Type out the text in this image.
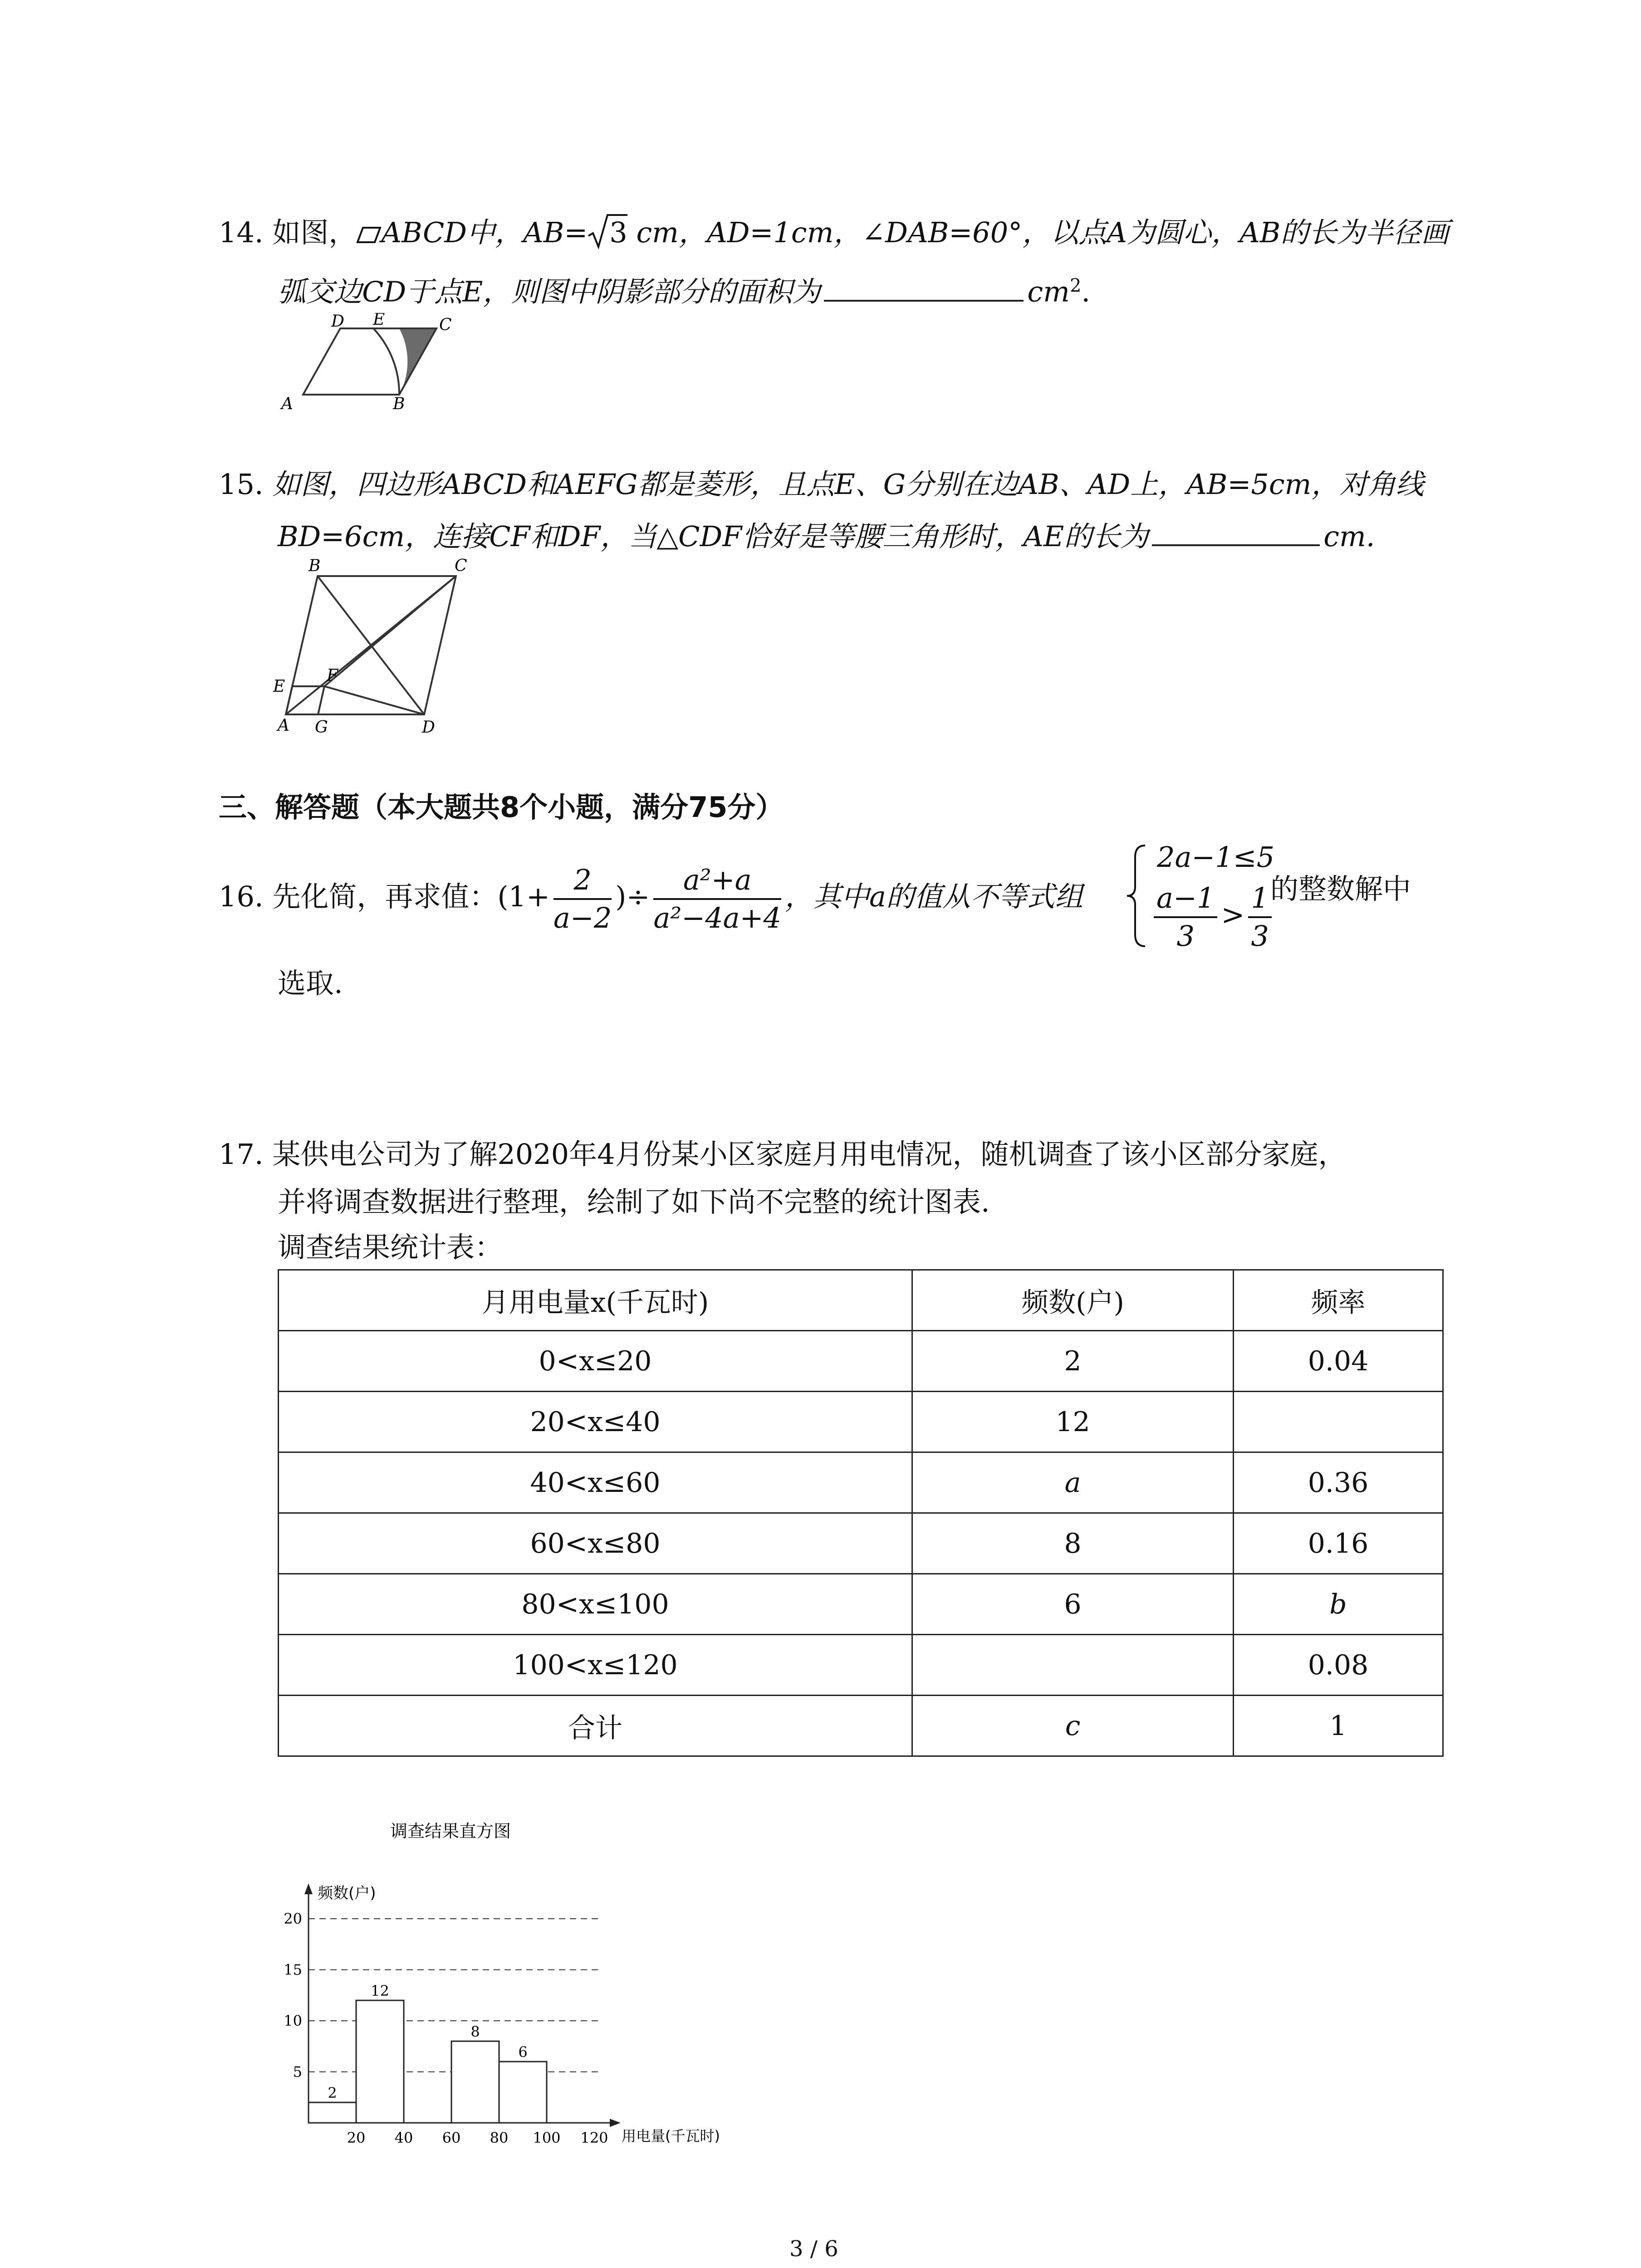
14. 如图， ABCD中，AB= 3 cm，AD=1cm，∠DAB=60°，以点A为圆心，AB的长为半径画
弧交边CD于点E，则图中阴影部分的面积为	$cm^2$.
D E	C
A	B
15. 如图，四边形ABCD和AEFG都是菱形，且点E、G分别在边AB、AD上，AB=5cm，对角线
BD=6cm，连接CF和DF，当△CDF恰好是等腰三角形时，AE的长为	cm.
B	C
F
E
A G	D
三、解答题（本大题共8个小题，满分75分）
16. 先化简，再求值：($1+ \frac{2}{a-2}$ )÷ $\frac{\text{a²+a}}{\text{a²−4a+4}}$ ，其中a的值从不等式组
2a−1≤5
$\frac{a-1}{3} > \frac{1}{3}$
的整数解中
选取.
17. 某供电公司为了解2020年4月份某小区家庭月用电情况，随机调查了该小区部分家庭，
并将调查数据进行整理，绘制了如下尚不完整的统计图表.
调查结果统计表：
月用电量x(千瓦时)	频数(户)	频率
0<x≤20	2	0.04
20<x≤40	12	
40<x≤60	a	0.36
60<x≤80	8	0.16
80<x≤100	6	b
100<x≤120		0.08
合计	c	1
调查结果直方图
频数(户)
用电量(千瓦时)
2
12
8
6
5
10
15
20
20 40 60 80 100 120
3 / 6
